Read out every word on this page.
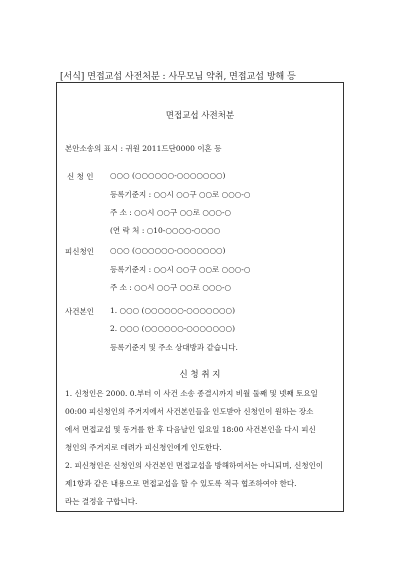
[서식] 면접교섭 사전처분 : 사무모님 약취, 면접교섭 방해 등
면접교섭 사전처분
본안소송의 표시 : 귀원 2011드단0000 이혼 등
신 청 인 ○○○ (○○○○○○-○○○○○○○)
등록기준지 : ○○시 ○○구 ○○로 ○○○-○
주 소 : ○○시 ○○구 ○○로 ○○○-○
(연 락 처 : ○10-○○○○-○○○○
피신청인 ○○○ (○○○○○○-○○○○○○○)
등록기준지 : ○○시 ○○구 ○○로 ○○○-○
주 소 : ○○시 ○○구 ○○로 ○○○-○
사건본인 1. ○○○ (○○○○○○-○○○○○○○)
2. ○○○ (○○○○○○-○○○○○○○)
등록기준지 및 주소 상대방과 같습니다.
신 청 취 지
1. 신청인은 2000. 0.부터 이 사건 소송 종결시까지 비월 둘째 및 넷째 토요일
00:00 피신청인의 주거지에서 사건본인들을 인도받아 신청인이 원하는 장소
에서 면접교섭 및 동거를 한 후 다음날인 일요일 18:00 사건본인을 다시 피신
청인의 주거지로 데려가 피신청인에게 인도한다.
2. 피신청인은 신청인의 사건본인 면접교섭을 방해하여서는 아니되며, 신청인이
제1항과 같은 내용으로 면접교섭을 할 수 있도록 적극 협조하여야 한다.
라는 결정을 구합니다.
